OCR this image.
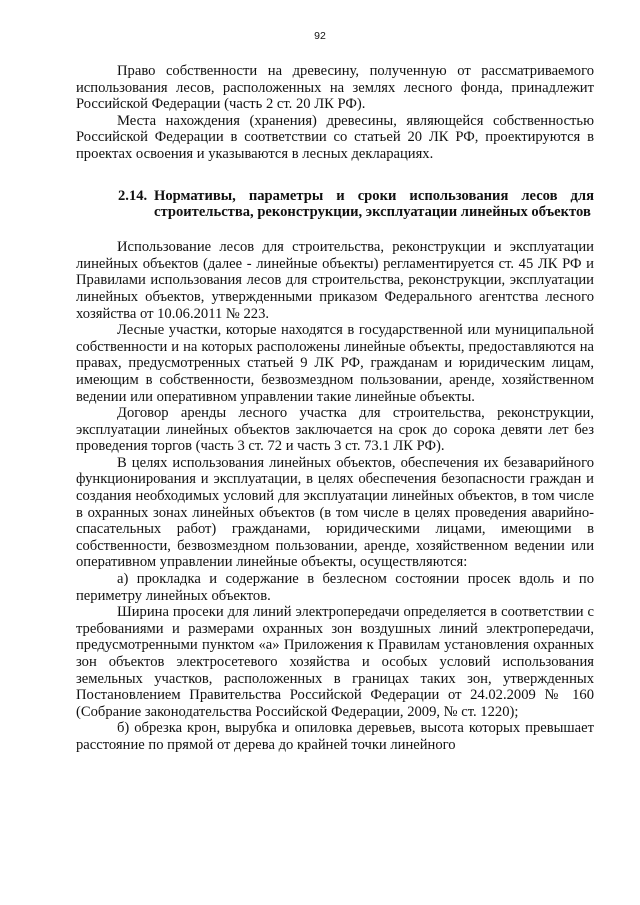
92

Право собственности на древесину, полученную от рассматриваемого использования лесов, расположенных на землях лесного фонда, принадлежит Российской Федерации (часть 2 ст. 20 ЛК РФ).

Места нахождения (хранения) древесины, являющейся собственностью Российской Федерации в соответствии со статьей 20 ЛК РФ, проектируются в проектах освоения и указываются в лесных декларациях.

2.14. Нормативы, параметры и сроки использования лесов для строительства, реконструкции, эксплуатации линейных объектов

Использование лесов для строительства, реконструкции и эксплуатации линейных объектов (далее - линейные объекты) регламентируется ст. 45 ЛК РФ и Правилами использования лесов для строительства, реконструкции, эксплуатации линейных объектов, утвержденными приказом Федерального агентства лесного хозяйства от 10.06.2011 № 223.

Лесные участки, которые находятся в государственной или муниципальной собственности и на которых расположены линейные объекты, предоставляются на правах, предусмотренных статьей 9 ЛК РФ, гражданам и юридическим лицам, имеющим в собственности, безвозмездном пользовании, аренде, хозяйственном ведении или оперативном управлении такие линейные объекты.

Договор аренды лесного участка для строительства, реконструкции, эксплуатации линейных объектов заключается на срок до сорока девяти лет без проведения торгов (часть 3 ст. 72 и часть 3 ст. 73.1 ЛК РФ).

В целях использования линейных объектов, обеспечения их безаварийного функционирования и эксплуатации, в целях обеспечения безопасности граждан и создания необходимых условий для эксплуатации линейных объектов, в том числе в охранных зонах линейных объектов (в том числе в целях проведения аварийно-спасательных работ) гражданами, юридическими лицами, имеющими в собственности, безвозмездном пользовании, аренде, хозяйственном ведении или оперативном управлении линейные объекты, осуществляются:

а) прокладка и содержание в безлесном состоянии просек вдоль и по периметру линейных объектов.

Ширина просеки для линий электропередачи определяется в соответствии с требованиями и размерами охранных зон воздушных линий электропередачи, предусмотренными пунктом «а» Приложения к Правилам установления охранных зон объектов электросетевого хозяйства и особых условий использования земельных участков, расположенных в границах таких зон, утвержденных Постановлением Правительства Российской Федерации от 24.02.2009 № 160 (Собрание законодательства Российской Федерации, 2009, № ст. 1220);

б) обрезка крон, вырубка и опиловка деревьев, высота которых превышает расстояние по прямой от дерева до крайней точки линейного
